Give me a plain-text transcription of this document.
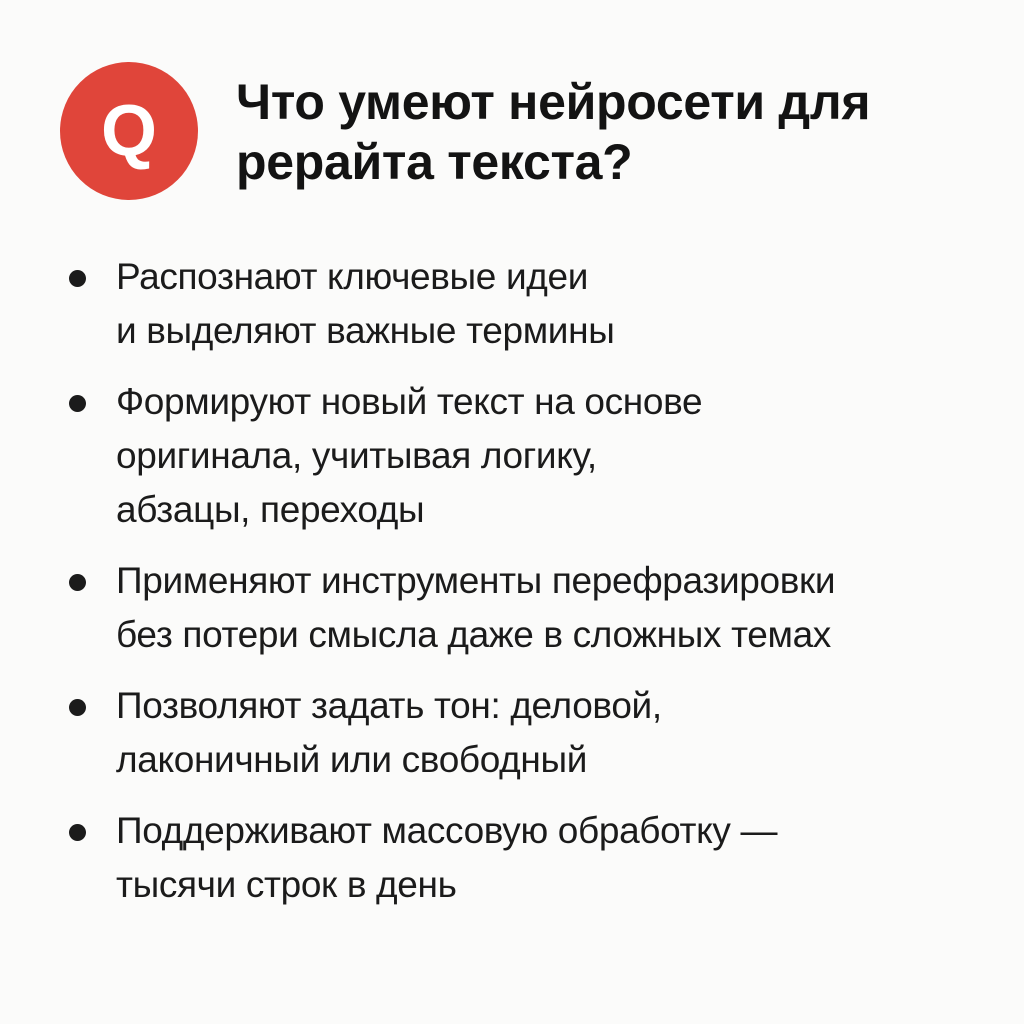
Q Что умеют нейросети для
рерайта текста?
Распознают ключевые идеи
и выделяют важные термины
Формируют новый текст на основе
оригинала, учитывая логику,
абзацы, переходы
Применяют инструменты перефразировки
без потери смысла даже в сложных темах
Позволяют задать тон: деловой,
лаконичный или свободный
Поддерживают массовую обработку —
тысячи строк в день
